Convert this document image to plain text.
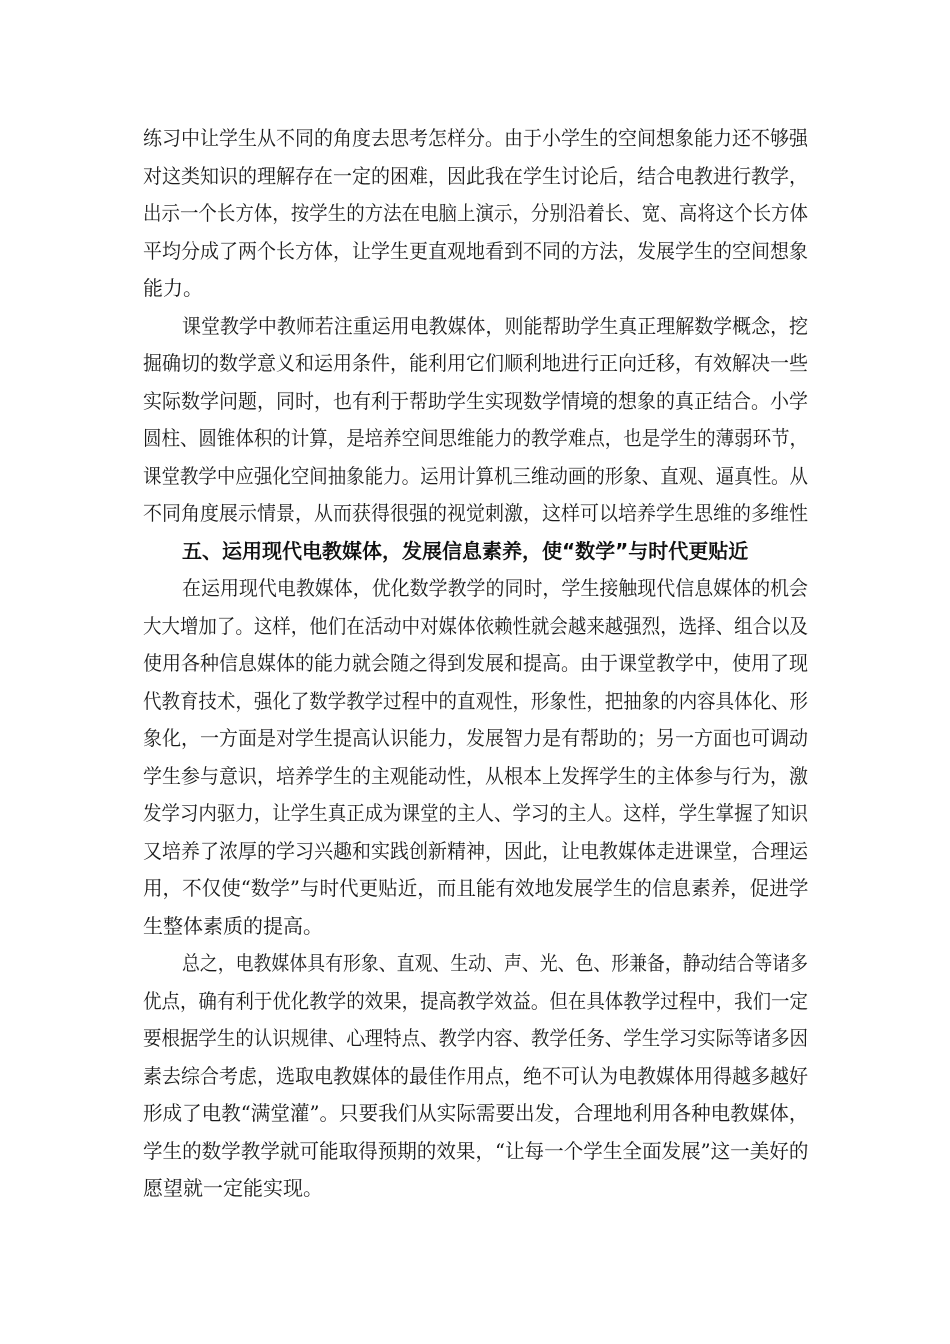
练习中让学生从不同的角度去思考怎样分。由于小学生的空间想象能力还不够强
对这类知识的理解存在一定的困难，因此我在学生讨论后，结合电教进行教学，
出示一个长方体，按学生的方法在电脑上演示，分别沿着长、宽、高将这个长方体
平均分成了两个长方体，让学生更直观地看到不同的方法，发展学生的空间想象
能力。
课堂教学中教师若注重运用电教媒体，则能帮助学生真正理解数学概念，挖
掘确切的数学意义和运用条件，能利用它们顺利地进行正向迁移，有效解决一些
实际数学问题，同时，也有利于帮助学生实现数学情境的想象的真正结合。小学
圆柱、圆锥体积的计算，是培养空间思维能力的教学难点，也是学生的薄弱环节，
课堂教学中应强化空间抽象能力。运用计算机三维动画的形象、直观、逼真性。从
不同角度展示情景，从而获得很强的视觉刺激，这样可以培养学生思维的多维性
五、运用现代电教媒体，发展信息素养，使“数学”与时代更贴近
在运用现代电教媒体，优化数学教学的同时，学生接触现代信息媒体的机会
大大增加了。这样，他们在活动中对媒体依赖性就会越来越强烈，选择、组合以及
使用各种信息媒体的能力就会随之得到发展和提高。由于课堂教学中，使用了现
代教育技术，强化了数学教学过程中的直观性，形象性，把抽象的内容具体化、形
象化，一方面是对学生提高认识能力，发展智力是有帮助的；另一方面也可调动
学生参与意识，培养学生的主观能动性，从根本上发挥学生的主体参与行为，激
发学习内驱力，让学生真正成为课堂的主人、学习的主人。这样，学生掌握了知识
又培养了浓厚的学习兴趣和实践创新精神，因此，让电教媒体走进课堂，合理运
用，不仅使“数学”与时代更贴近，而且能有效地发展学生的信息素养，促进学
生整体素质的提高。
总之，电教媒体具有形象、直观、生动、声、光、色、形兼备，静动结合等诸多
优点，确有利于优化教学的效果，提高教学效益。但在具体教学过程中，我们一定
要根据学生的认识规律、心理特点、教学内容、教学任务、学生学习实际等诸多因
素去综合考虑，选取电教媒体的最佳作用点，绝不可认为电教媒体用得越多越好
形成了电教“满堂灌”。只要我们从实际需要出发，合理地利用各种电教媒体，
学生的数学教学就可能取得预期的效果，“让每一个学生全面发展”这一美好的
愿望就一定能实现。
